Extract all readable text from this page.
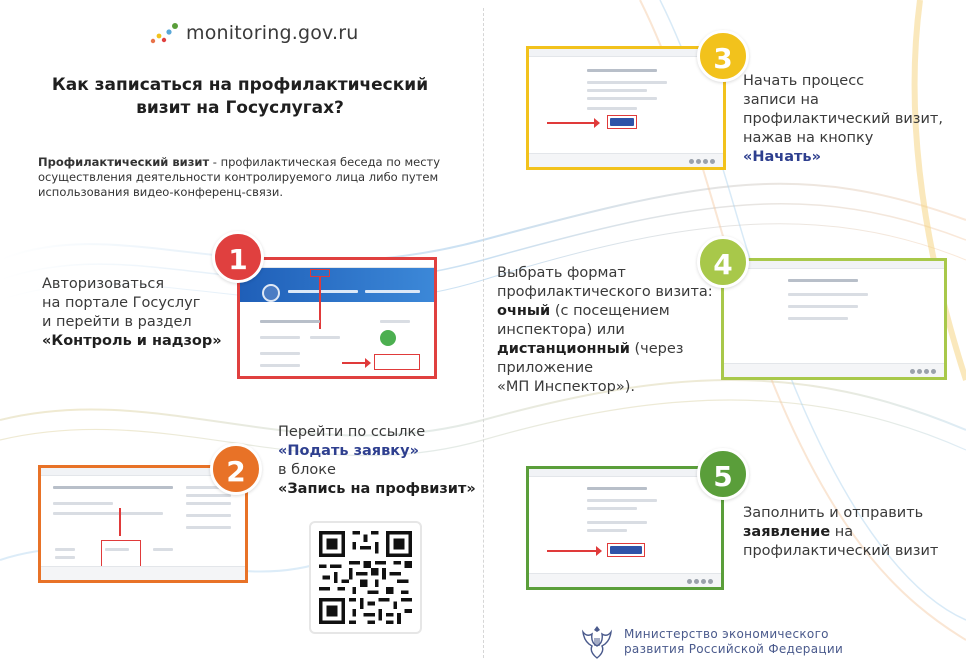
monitoring.gov.ru
Как записаться на профилактический
визит на Госуслугах?
Профилактический визит - профилактическая беседа по месту осуществления деятельности контролируемого лица либо путем использования видео-конференц-связи.
Авторизоваться
на портале Госуслуг
и перейти в раздел
«Контроль и надзор»
1
Перейти по ссылке
«Подать заявку»
в блоке
«Запись на профвизит»
2
3
Начать процесс
записи на
профилактический визит,
нажав на кнопку
«Начать»
Выбрать формат
профилактического визита:
очный (с посещением
инспектора) или
дистанционный (через
приложение
«МП Инспектор»).
4
5
Заполнить и отправить
заявление на
профилактический визит
Министерство экономического
развития Российской Федерации
